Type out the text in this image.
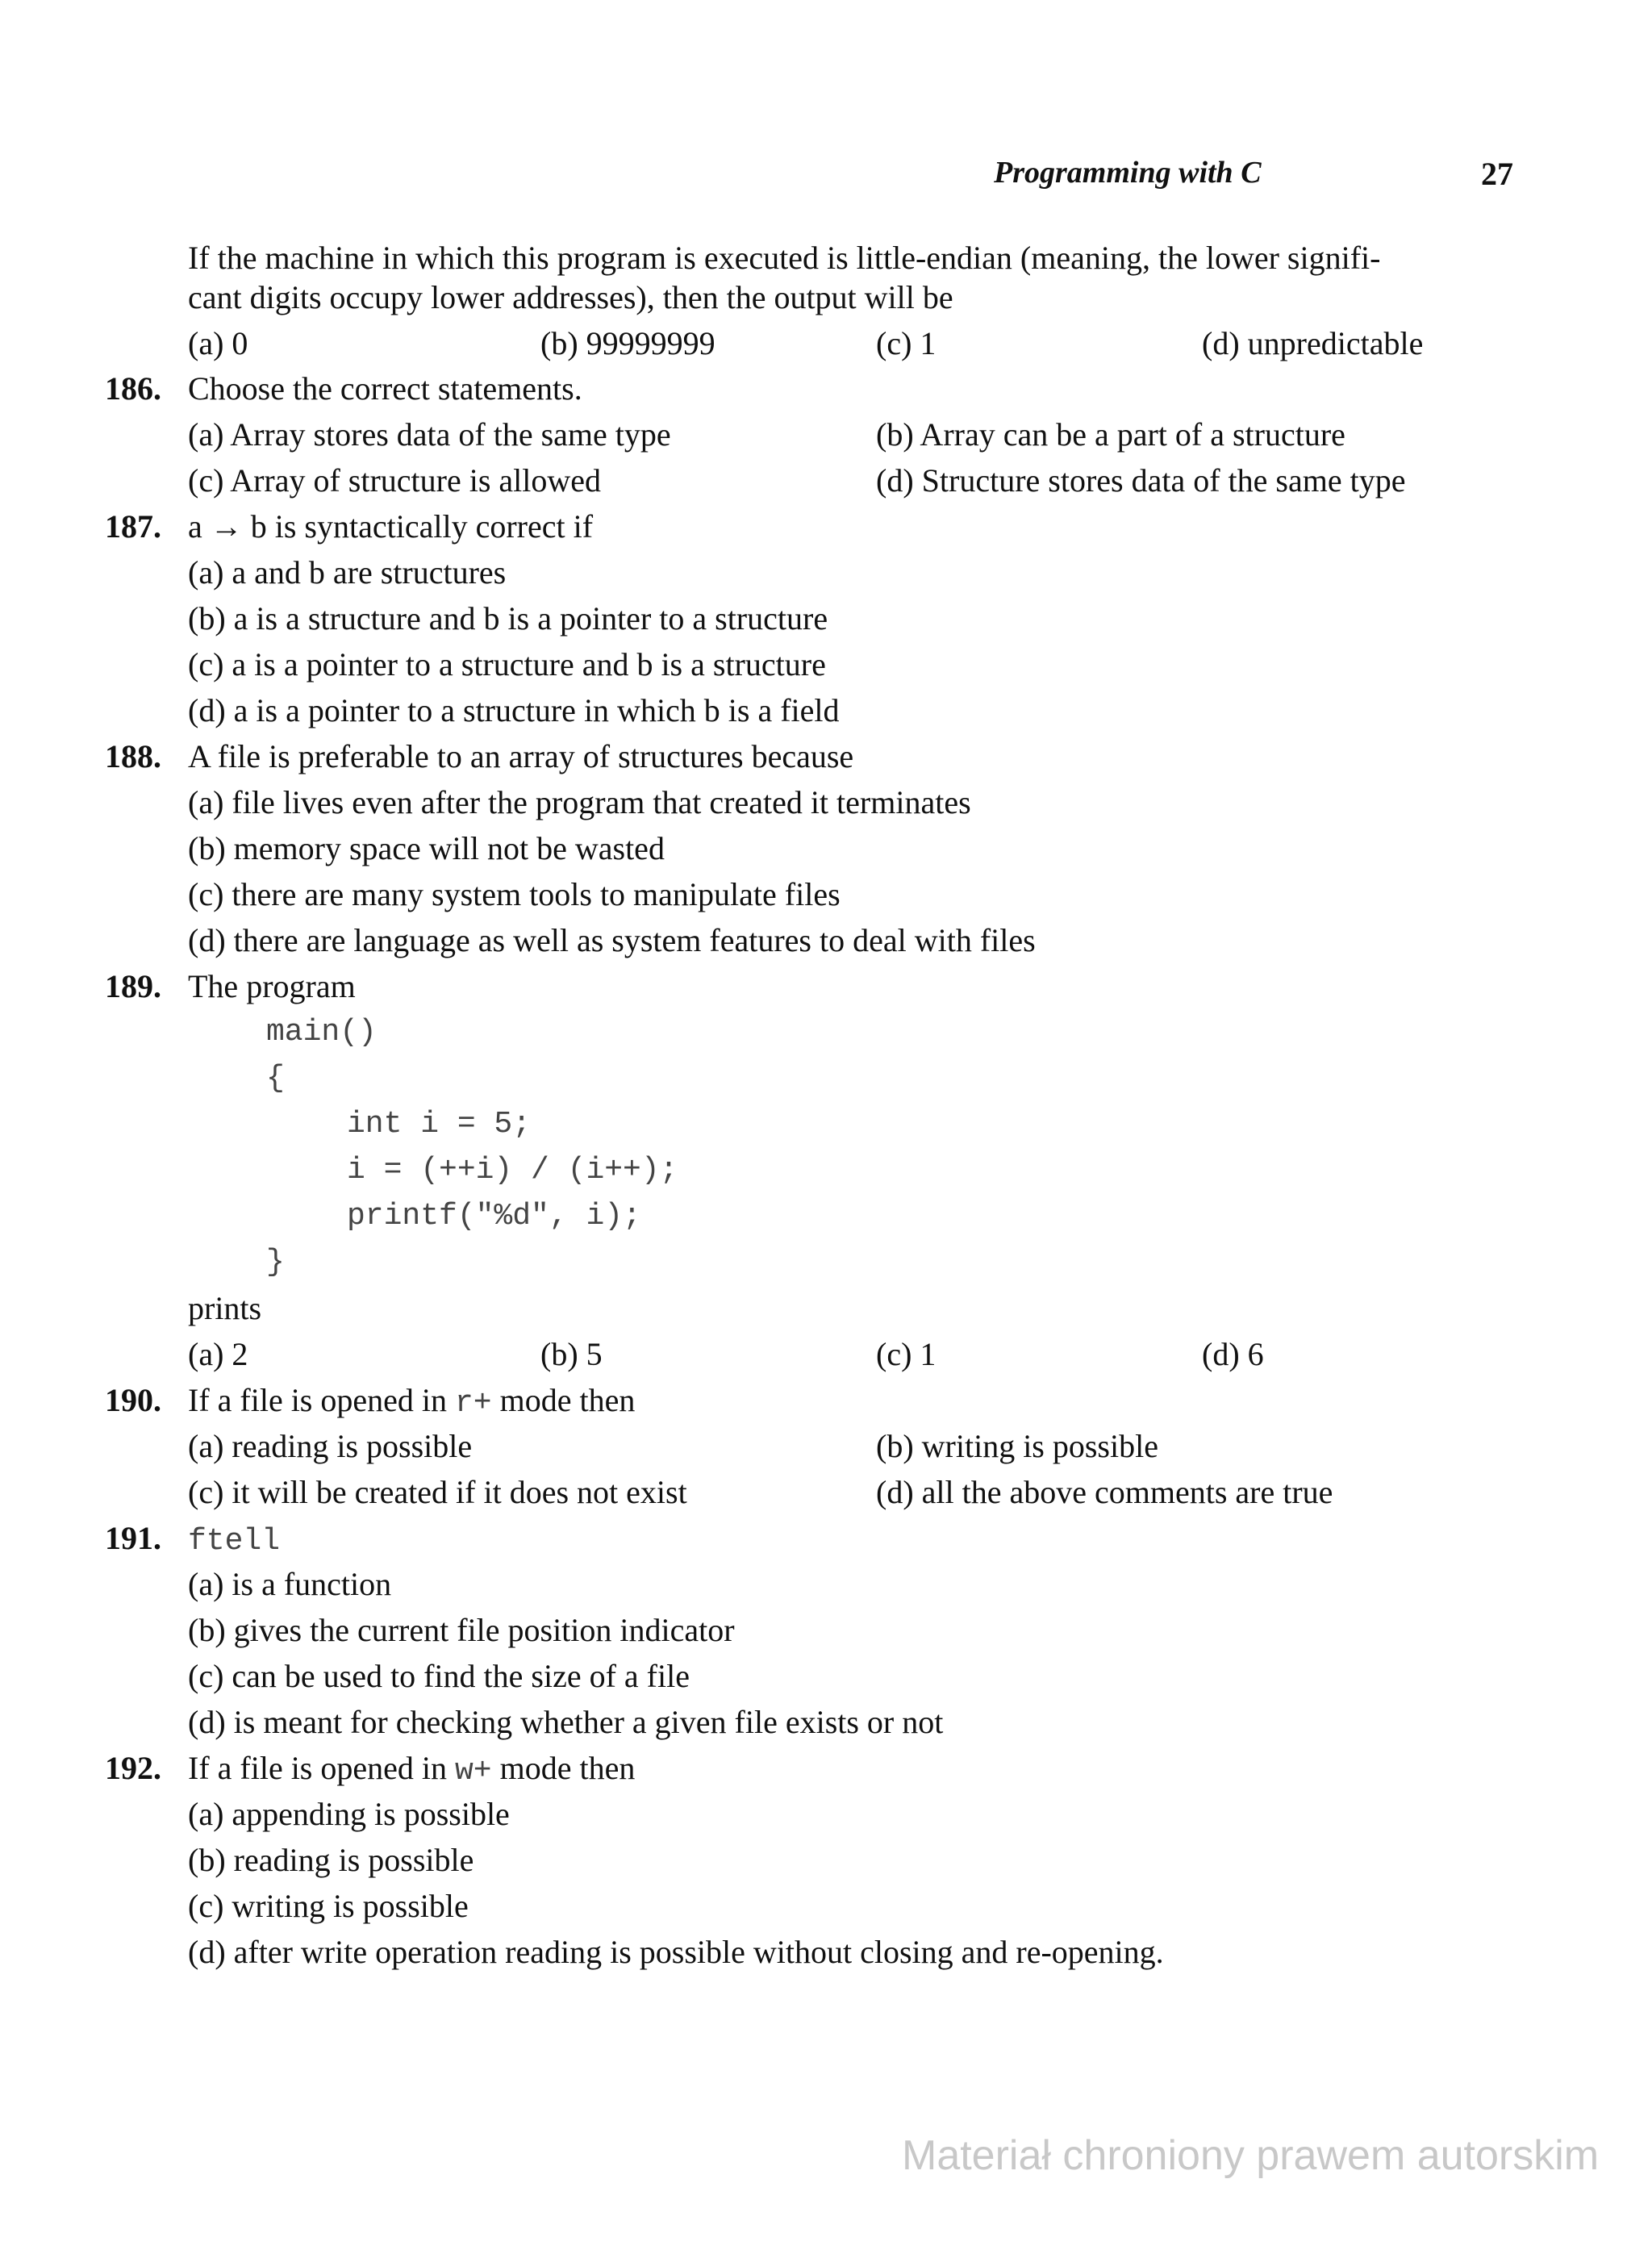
Programming with C	27
If the machine in which this program is executed is little-endian (meaning, the lower signifi-
cant digits occupy lower addresses), then the output will be
(a) 0	(b) 99999999	(c) 1	(d) unpredictable
186. Choose the correct statements.
(a) Array stores data of the same type	(b) Array can be a part of a structure
(c) Array of structure is allowed	(d) Structure stores data of the same type
187. a → b is syntactically correct if
(a) a and b are structures
(b) a is a structure and b is a pointer to a structure
(c) a is a pointer to a structure and b is a structure
(d) a is a pointer to a structure in which b is a field
188. A file is preferable to an array of structures because
(a) file lives even after the program that created it terminates
(b) memory space will not be wasted
(c) there are many system tools to manipulate files
(d) there are language as well as system features to deal with files
189. The program
main()
{
int i = 5;
i = (++i) / (i++);
printf("%d", i);
}
prints
(a) 2	(b) 5	(c) 1	(d) 6
190. If a file is opened in r+ mode then
(a) reading is possible	(b) writing is possible
(c) it will be created if it does not exist	(d) all the above comments are true
191. ftell
(a) is a function
(b) gives the current file position indicator
(c) can be used to find the size of a file
(d) is meant for checking whether a given file exists or not
192. If a file is opened in w+ mode then
(a) appending is possible
(b) reading is possible
(c) writing is possible
(d) after write operation reading is possible without closing and re-opening.
Materiał chroniony prawem autorskim
